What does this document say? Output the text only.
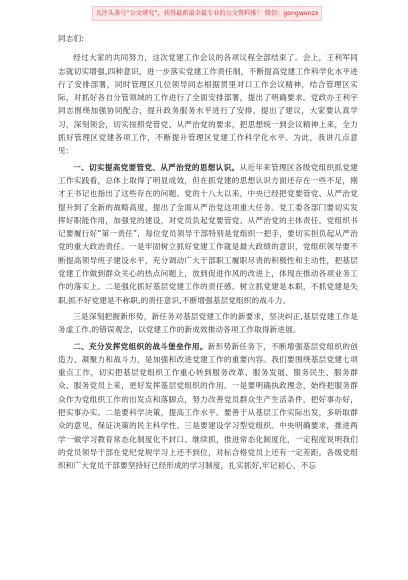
关注头条号“公文研究”，获得最新最全最专业的公文资料推！ 微信：gongwenzx

同志们:

经过大家的共同努力，这次党建工作会议的各项议程全部结束了。会上，王利军同志就切实增强,四种意识，进一步落实党建工作责任制，不断提高党建工作科学化水平进行了安排部署，同时管理区几位领导同志根据贯里对口工作会议精神，结合管理区实际，对抓好各自分管领域的工作进行了全面安排部署，提出了明确要求。党政办王利宇同志围绕加强协同配合，提升政务服务水平进行了安排，提出了建议，大家要认真学习，深刻领会，切实按照党管党、从严治党的要求，把思想统一到会议精神上来，全力抓好管理区党建各项工作，不断提升管理区党建工作科学化水平。为此，我讲几点意见：

一、切实提高党要管党、从严治党的思想认识。从近年来管理区各级党组织抓党建工作实践看，总体上取得了明显成效，但在抓党建的思想认识方面还存在一些不足，刚才王书记也指出了这些存在的问题。党的十八大以来，中央已经把党要管党、从严治党提升到了全新的战略高度，提出了全面从严治党这项重大任务。党工委各部门要切实发挥好职能作用，加强党的建设，对党员负起党要管党、从严治党的主体责任。党组织书记要履行好“第一责任”，每位党员领导干部特别是党组织一把手，要切实担负起从严治党的重大政治责任。一是牢固树立抓好党建工作就是最大政绩的意识，党组织领导要不断提高领导班子建设水平，充分调动广大干部职工履职尽责的积极性和主动性，把基层党建工作做到群众关心的热点问题上，放到促进作风的改进上，体现在推动各项业务工作的落实上。二是强化抓好基层党建工作的责任感。树立抓党建是本职，不抓党建是失职,抓不好党建是不称职,的责任意识,不断增强基层党组织的战斗力。

三是深刻把握新形势，新任务对基层党建工作的新要求，坚决纠正,基层党建工作是务虚工作,的错误观念，以党建工作的新成效推动各项工作取得新进展。

二、充分发挥党组织的战斗堡垒作用。新形势新任务下，不断增强基层党组织的创造力、凝聚力和战斗力，是加强和改进党建工作的重要内容。我们要围绕基层党建七项重点工作，切实把基层党组织工作重心转到服务改革、服务发展、服务民生、服务群众、服务党员上来，更好发挥基层党组织的作用。一是要明确执政理念，始终把服务群众作为党组织工作的出发点和落脚点，努力改善党员群众生产生活条件，把好事办好，把实事办实。二是要科学决策，提高工作水平。要善于从基层工作实际出发，多听取群众的意见，保证决策的民主科学性。三是要建设学习型党组织。中央明确要求，推进两学一做学习教育常态化制度化不封口、继续抓，推进常态化制度化，一定程度说明我们的党员领导干部在党纪党规学习上还不到位，对标合格党员上还有一定差距。各级党组织和广大党员干部要坚持好已经形成的学习制度，扎实抓好,牢记初心，不忘
